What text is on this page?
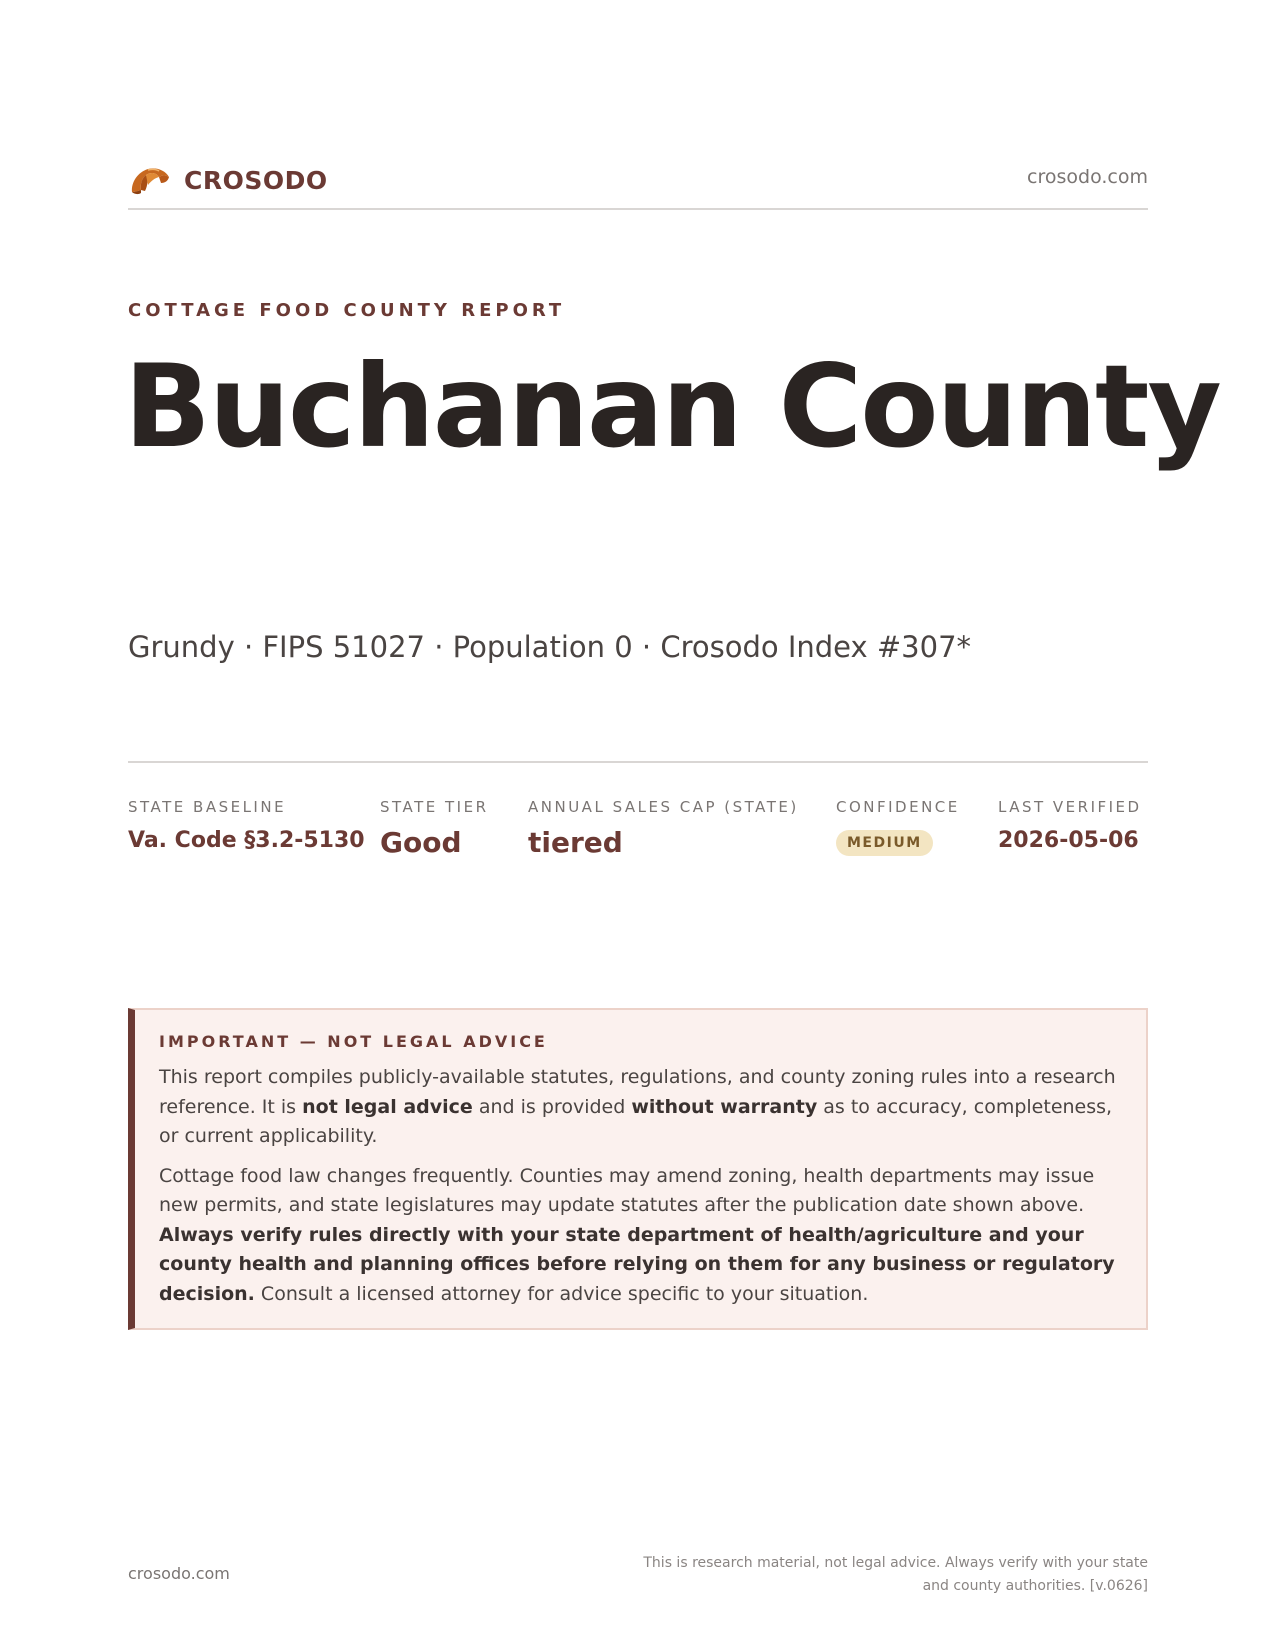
CROSODO	crosodo.com
COTTAGE FOOD COUNTY REPORT
Buchanan County
Grundy · FIPS 51027 · Population 0 · Crosodo Index #307*
STATE BASELINE
Va. Code §3.2-5130
STATE TIER
Good
ANNUAL SALES CAP (STATE)
tiered
CONFIDENCE
MEDIUM
LAST VERIFIED
2026-05-06
IMPORTANT — NOT LEGAL ADVICE

This report compiles publicly-available statutes, regulations, and county zoning rules into a research reference. It is not legal advice and is provided without warranty as to accuracy, completeness, or current applicability.

Cottage food law changes frequently. Counties may amend zoning, health departments may issue new permits, and state legislatures may update statutes after the publication date shown above. Always verify rules directly with your state department of health/agriculture and your county health and planning offices before relying on them for any business or regulatory decision. Consult a licensed attorney for advice specific to your situation.

crosodo.com
This is research material, not legal advice. Always verify with your state
and county authorities. [v.0626]
